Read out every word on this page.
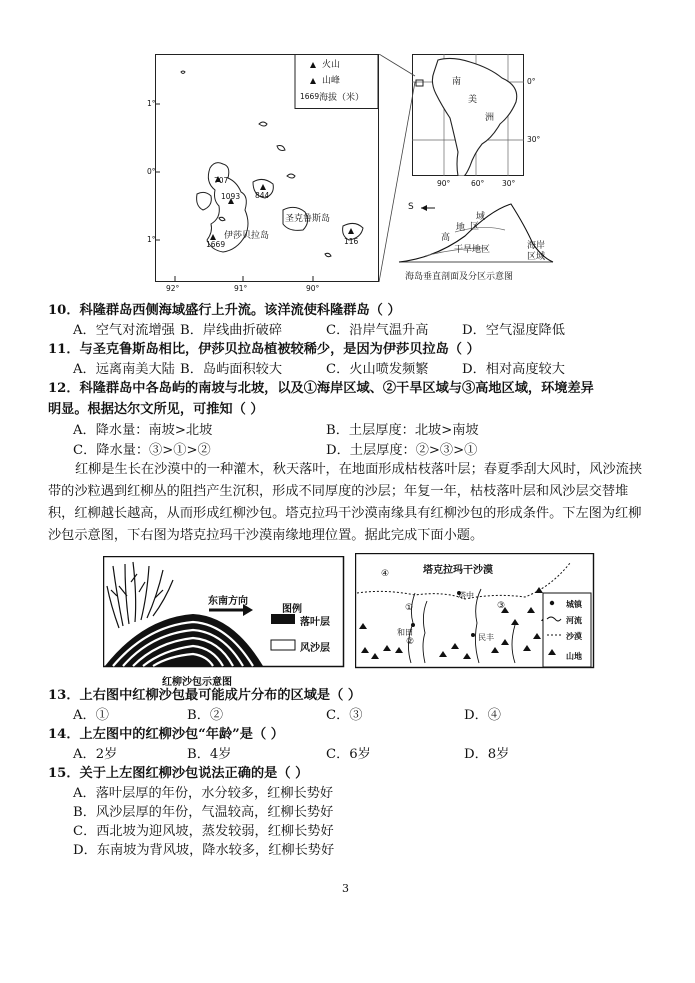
火山
山峰
1669 海拔（米）
1°
0°
1°
92°	91°	90°
圣克鲁斯岛
伊莎贝拉岛
707
1093 844
1669	116
南
美
洲
0°
30°
90°	60° 30°
S
域
地 区
高
干旱地区	海岸区域
海岛垂直剖面及分区示意图
10．科隆群岛西侧海域盛行上升流。该洋流使科隆群岛（ ）
A．空气对流增强 B．岸线曲折破碎	C．沿岸气温升高	D．空气湿度降低
11．与圣克鲁斯岛相比，伊莎贝拉岛植被较稀少，是因为伊莎贝拉岛（ ）
A．远离南美大陆 B．岛屿面积较大	C．火山喷发频繁	D．相对高度较大
12．科隆群岛中各岛屿的南坡与北坡，以及①海岸区域、②干旱区域与③高地区域，环境差异
明显。根据达尔文所见，可推知（ ）
A．降水量：南坡>北坡	B．土层厚度：北坡>南坡
C．降水量：③>①>②	D．土层厚度：②>③>①
红柳是生长在沙漠中的一种灌木，秋天落叶，在地面形成枯枝落叶层；春夏季刮大风时，风沙流挟带的沙粒遇到红柳丛的阻挡产生沉积，形成不同厚度的沙层；年复一年，枯枝落叶层和风沙层交替堆积，红柳越长越高，从而形成红柳沙包。塔克拉玛干沙漠南缘具有红柳沙包的形成条件。下左图为红柳沙包示意图，下右图为塔克拉玛干沙漠南缘地理位置。据此完成下面小题。
东南方向
图例
落叶层
风沙层
红柳沙包示意图
塔克拉玛干沙漠
④
①
②
③
和田
塔中
民丰
城镇
河流
沙漠
山地
13．上右图中红柳沙包最可能成片分布的区域是（ ）
A．①	B．②	C．③	D．④
14．上左图中的红柳沙包“年龄”是（ ）
A．2岁	B．4岁	C．6岁	D．8岁
15．关于上左图红柳沙包说法正确的是（ ）
A．落叶层厚的年份，水分较多，红柳长势好
B．风沙层厚的年份，气温较高，红柳长势好
C．西北坡为迎风坡，蒸发较弱，红柳长势好
D．东南坡为背风坡，降水较多，红柳长势好
3
